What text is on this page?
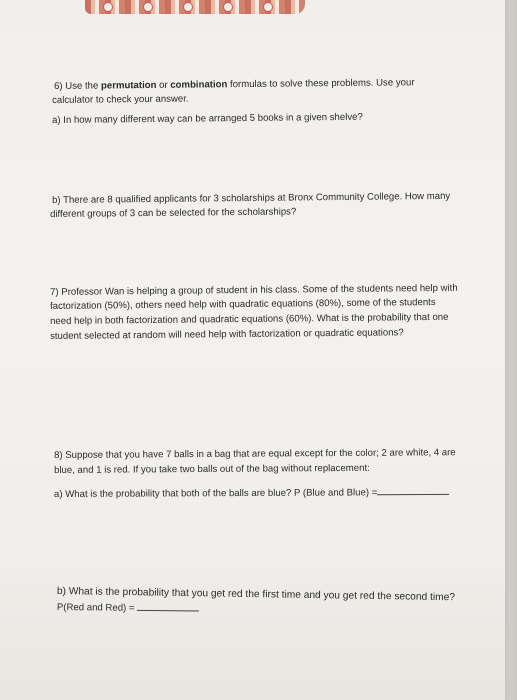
6) Use the permutation or combination formulas to solve these problems. Use your
calculator to check your answer.
a) In how many different way can be arranged 5 books in a given shelve?
b) There are 8 qualified applicants for 3 scholarships at Bronx Community College. How many
different groups of 3 can be selected for the scholarships?
7) Professor Wan is helping a group of student in his class. Some of the students need help with
factorization (50%), others need help with quadratic equations (80%), some of the students
need help in both factorization and quadratic equations (60%). What is the probability that one
student selected at random will need help with factorization or quadratic equations?
8) Suppose that you have 7 balls in a bag that are equal except for the color; 2 are white, 4 are
blue, and 1 is red. If you take two balls out of the bag without replacement:
a) What is the probability that both of the balls are blue? P (Blue and Blue) =
b) What is the probability that you get red the first time and you get red the second time?
P(Red and Red) =
